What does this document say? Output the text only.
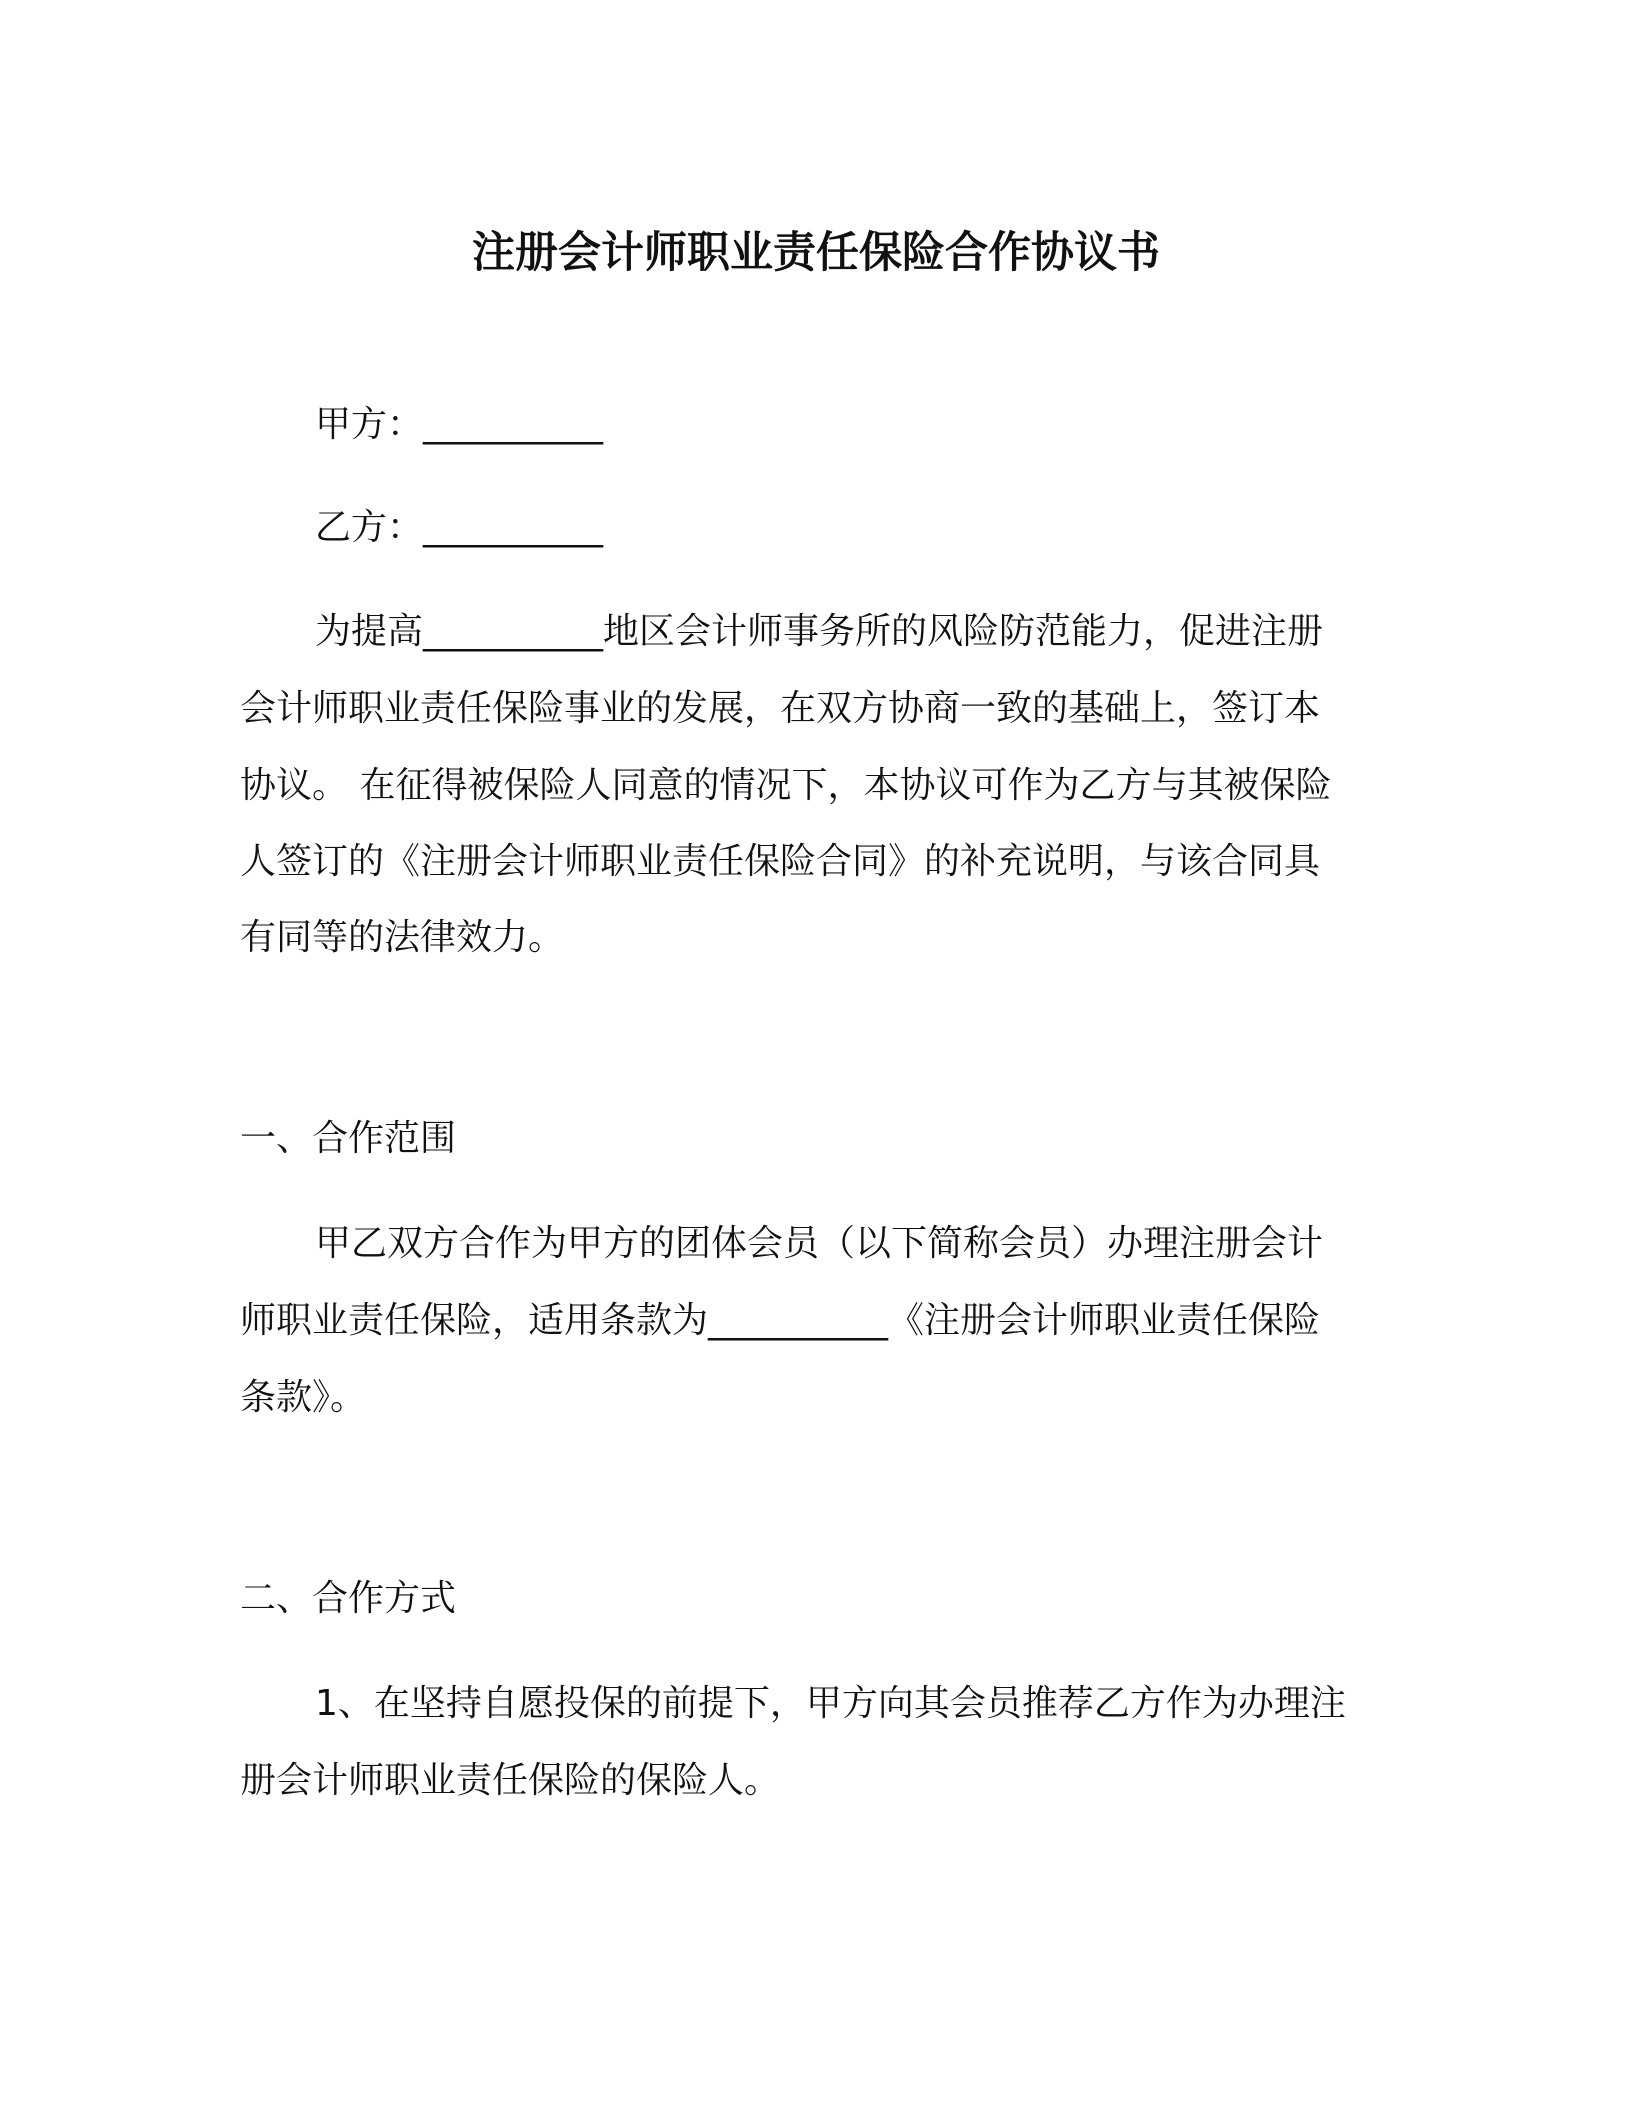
注册会计师职业责任保险合作协议书

甲方：__________

乙方：__________

为提高__________地区会计师事务所的风险防范能力，促进注册

会计师职业责任保险事业的发展，在双方协商一致的基础上，签订本

协议。 在征得被保险人同意的情况下，本协议可作为乙方与其被保险

人签订的《注册会计师职业责任保险合同》的补充说明，与该合同具

有同等的法律效力。

一、合作范围

甲乙双方合作为甲方的团体会员（以下简称会员）办理注册会计

师职业责任保险，适用条款为__________《注册会计师职业责任保险

条款》。

二、合作方式

1、在坚持自愿投保的前提下，甲方向其会员推荐乙方作为办理注

册会计师职业责任保险的保险人。
